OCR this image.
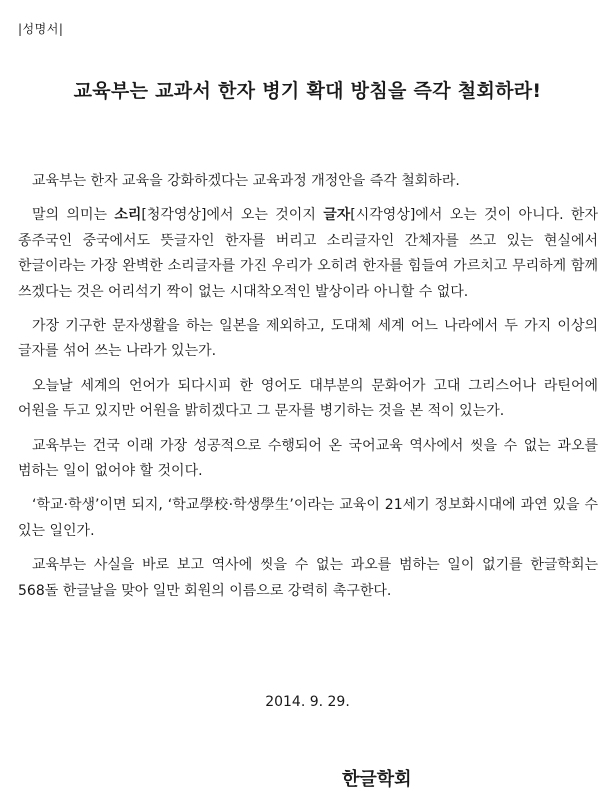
|성명서|
교육부는 교과서 한자 병기 확대 방침을 즉각 철회하라!

교육부는 한자 교육을 강화하겠다는 교육과정 개정안을 즉각 철회하라.

말의 의미는 소리[청각영상]에서 오는 것이지 글자[시각영상]에서 오는 것이 아니다. 한자 종주국인 중국에서도 뜻글자인 한자를 버리고 소리글자인 간체자를 쓰고 있는 현실에서 한글이라는 가장 완벽한 소리글자를 가진 우리가 오히려 한자를 힘들여 가르치고 무리하게 함께 쓰겠다는 것은 어리석기 짝이 없는 시대착오적인 발상이라 아니할 수 없다.

가장 기구한 문자생활을 하는 일본을 제외하고, 도대체 세계 어느 나라에서 두 가지 이상의 글자를 섞어 쓰는 나라가 있는가.

오늘날 세계의 언어가 되다시피 한 영어도 대부분의 문화어가 고대 그리스어나 라틴어에 어원을 두고 있지만 어원을 밝히겠다고 그 문자를 병기하는 것을 본 적이 있는가.

교육부는 건국 이래 가장 성공적으로 수행되어 온 국어교육 역사에서 씻을 수 없는 과오를 범하는 일이 없어야 할 것이다.

‘학교·학생’이면 되지, ‘학교學校·학생學生’이라는 교육이 21세기 정보화시대에 과연 있을 수 있는 일인가.

교육부는 사실을 바로 보고 역사에 씻을 수 없는 과오를 범하는 일이 없기를 한글학회는 568돌 한글날을 맞아 일만 회원의 이름으로 강력히 촉구한다.

2014. 9. 29.
한글학회
